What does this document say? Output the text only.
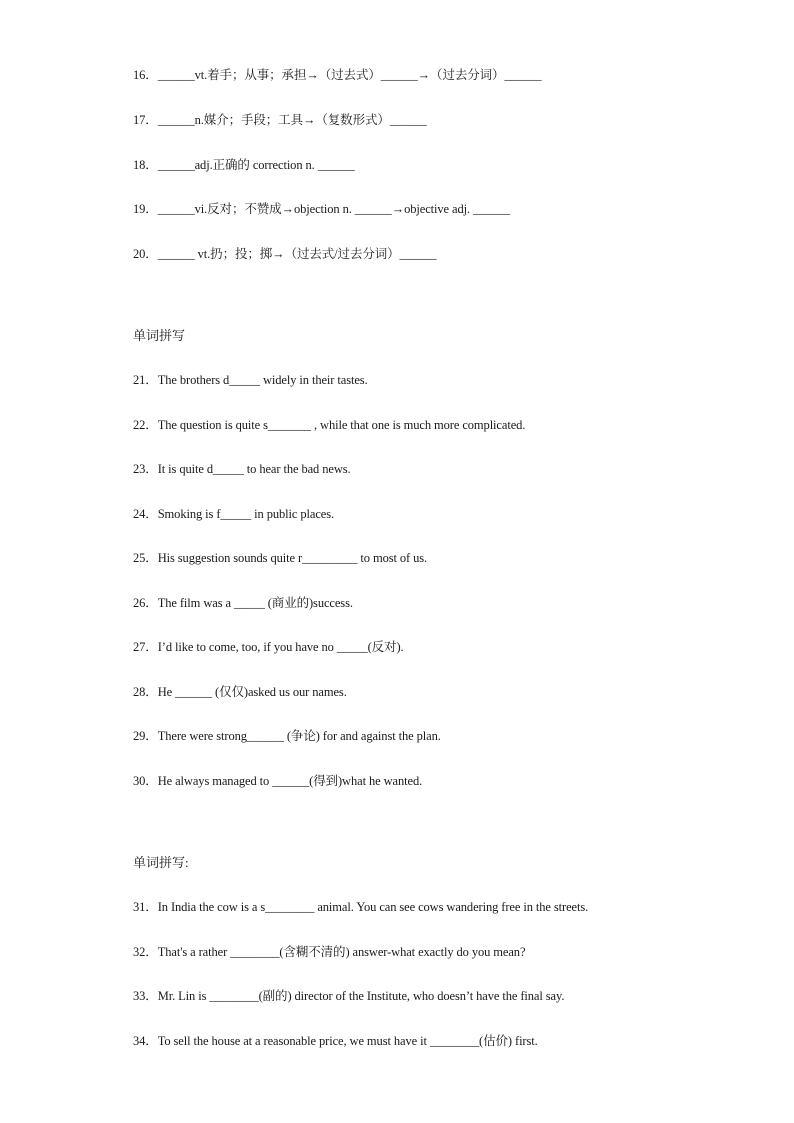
16．______vt.着手；从事；承担→（过去式）______→（过去分词）______
17．______n.媒介；手段；工具→（复数形式）______
18．______adj.正确的 correction n. ______
19．______vi.反对；不赞成→objection n. ______→objective adj. ______
20．______ vt.扔；投；掷→（过去式/过去分词）______
单词拼写
21．The brothers d_____ widely in their tastes.
22．The question is quite s_______ , while that one is much more complicated.
23．It is quite d_____ to hear the bad news.
24．Smoking is f_____ in public places.
25．His suggestion sounds quite r_________ to most of us.
26．The film was a _____ (商业的)success.
27．I’d like to come, too, if you have no _____(反对).
28．He ______ (仅仅)asked us our names.
29．There were strong______ (争论) for and against the plan.
30．He always managed to ______(得到)what he wanted.
单词拼写:
31．In India the cow is a s________ animal. You can see cows wandering free in the streets.
32．That's a rather ________(含糊不清的) answer-what exactly do you mean?
33．Mr. Lin is ________(副的) director of the Institute, who doesn’t have the final say.
34．To sell the house at a reasonable price, we must have it ________(估价) first.
